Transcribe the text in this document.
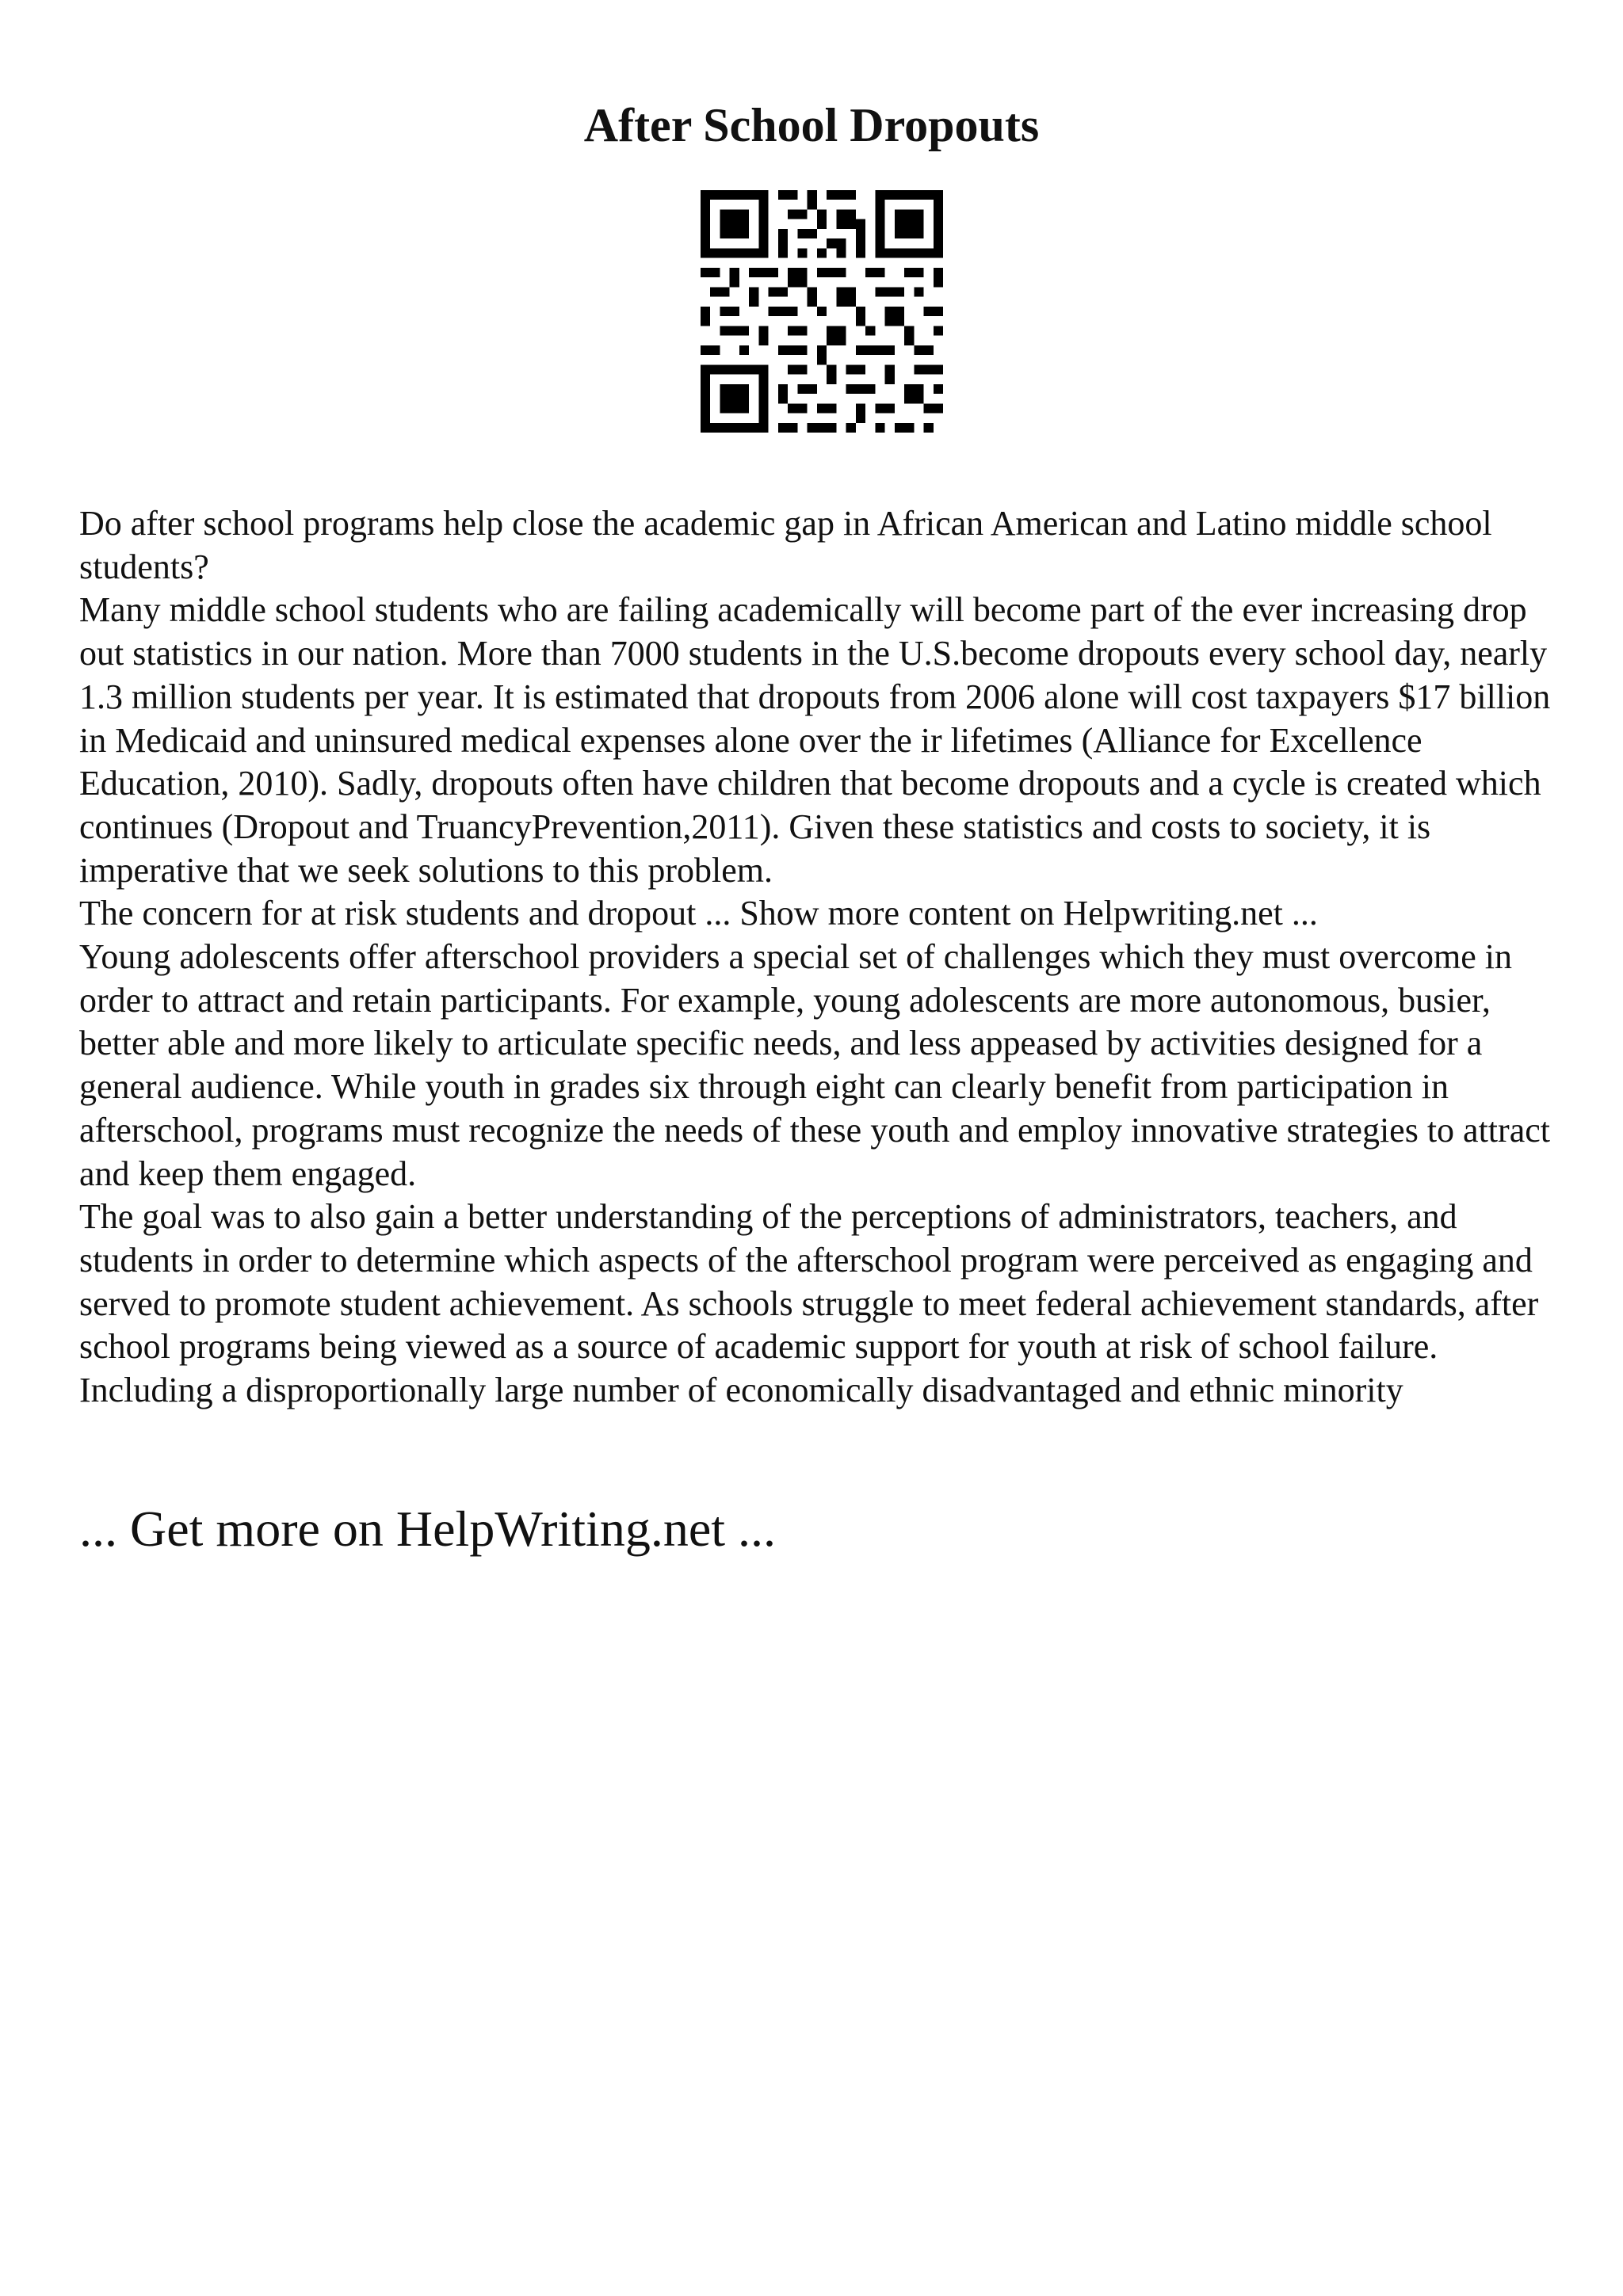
After School Dropouts

Do after school programs help close the academic gap in African American and Latino middle school students?

Many middle school students who are failing academically will become part of the ever increasing drop out statistics in our nation. More than 7000 students in the U.S.become dropouts every school day, nearly 1.3 million students per year. It is estimated that dropouts from 2006 alone will cost taxpayers $17 billion in Medicaid and uninsured medical expenses alone over the ir lifetimes (Alliance for Excellence Education, 2010). Sadly, dropouts often have children that become dropouts and a cycle is created which continues (Dropout and TruancyPrevention,2011). Given these statistics and costs to society, it is imperative that we seek solutions to this problem.

The concern for at risk students and dropout ... Show more content on Helpwriting.net ...

Young adolescents offer afterschool providers a special set of challenges which they must overcome in order to attract and retain participants. For example, young adolescents are more autonomous, busier, better able and more likely to articulate specific needs, and less appeased by activities designed for a general audience. While youth in grades six through eight can clearly benefit from participation in afterschool, programs must recognize the needs of these youth and employ innovative strategies to attract and keep them engaged.

The goal was to also gain a better understanding of the perceptions of administrators, teachers, and students in order to determine which aspects of the afterschool program were perceived as engaging and served to promote student achievement. As schools struggle to meet federal achievement standards, after school programs being viewed as a source of academic support for youth at risk of school failure. Including a disproportionally large number of economically disadvantaged and ethnic minority

... Get more on HelpWriting.net ...
